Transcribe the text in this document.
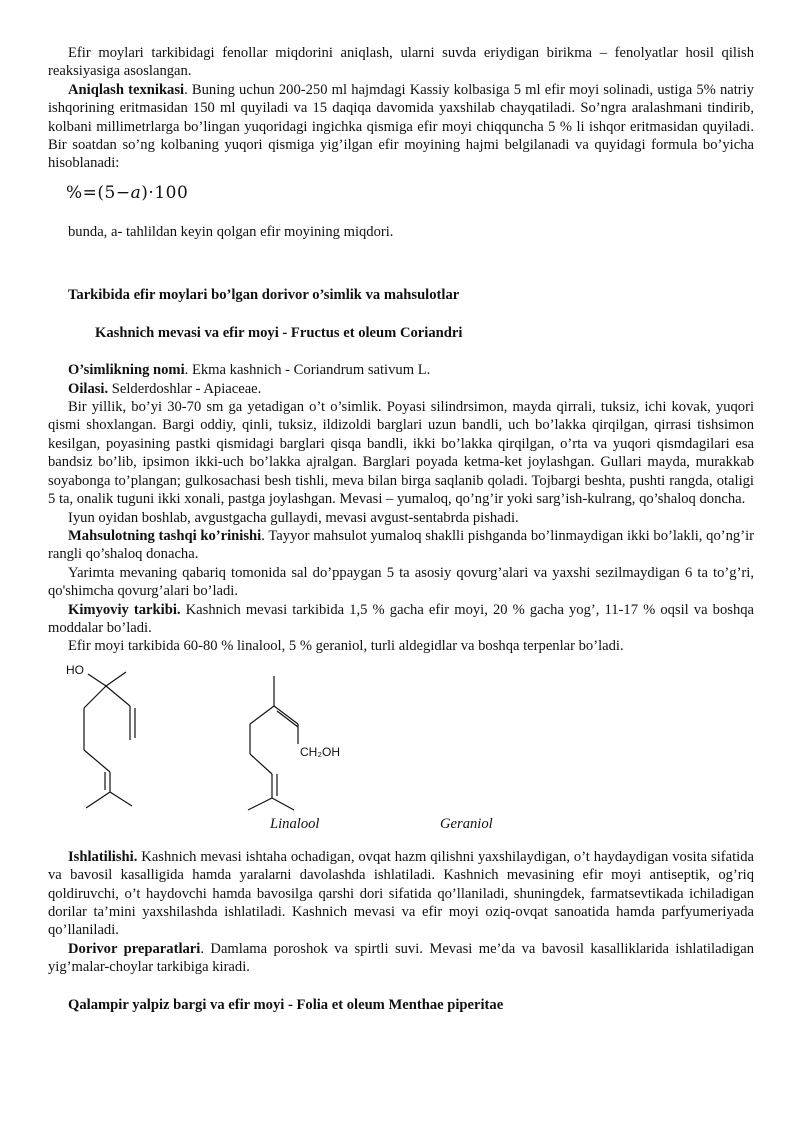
Efir moylari tarkibidagi fenollar miqdorini aniqlash, ularni suvda eriydigan birikma – fenolyatlar hosil qilish reaksiyasiga asoslangan.

Aniqlash texnikasi. Buning uchun 200-250 ml hajmdagi Kassiy kolbasiga 5 ml efir moyi solinadi, ustiga 5% natriy ishqorining eritmasidan 150 ml quyiladi va 15 daqiqa davomida yaxshilab chayqatiladi. So’ngra aralashmani tindirib, kolbani millimetrlarga bo’lingan yuqoridagi ingichka qismiga efir moyi chiqquncha 5 % li ishqor eritmasidan quyiladi. Bir soatdan so’ng kolbaning yuqori qismiga yig’ilgan efir moyining hajmi belgilanadi va quyidagi formula bo’yicha hisoblanadi:

%=(5−a)·100

bunda, a- tahlildan keyin qolgan efir moyining miqdori.

Tarkibida efir moylari bo’lgan dorivor o’simlik va mahsulotlar
Kashnich mevasi va efir moyi - Fructus et oleum Coriandri

O’simlikning nomi. Ekma kashnich - Coriandrum sativum L.

Oilasi. Selderdoshlar - Apiaceae.

Bir yillik, bo’yi 30-70 sm ga yetadigan o’t o’simlik. Poyasi silindrsimon, mayda qirrali, tuksiz, ichi kovak, yuqori qismi shoxlangan. Bargi oddiy, qinli, tuksiz, ildizoldi barglari uzun bandli, uch bo’lakka qirqilgan, qirrasi tishsimon kesilgan, poyasining pastki qismidagi barglari qisqa bandli, ikki bo’lakka qirqilgan, o’rta va yuqori qismdagilari esa bandsiz bo’lib, ipsimon ikki-uch bo’lakka ajralgan. Barglari poyada ketma-ket joylashgan. Gullari mayda, murakkab soyabonga to’plangan; gulkosachasi besh tishli, meva bilan birga saqlanib qoladi. Tojbargi beshta, pushti rangda, otaligi 5 ta, onalik tuguni ikki xonali, pastga joylashgan. Mevasi – yumaloq, qo’ng’ir yoki sarg’ish-kulrang, qo’shaloq doncha.

Iyun oyidan boshlab, avgustgacha gullaydi, mevasi avgust-sentabrda pishadi.

Mahsulotning tashqi ko’rinishi. Tayyor mahsulot yumaloq shaklli pishganda bo’linmaydigan ikki bo’lakli, qo’ng’ir rangli qo’shaloq donacha.

Yarimta mevaning qabariq tomonida sal do’ppaygan 5 ta asosiy qovurg’alari va yaxshi sezilmaydigan 6 ta to’g’ri, qo'shimcha qovurg’alari bo’ladi.

Kimyoviy tarkibi. Kashnich mevasi tarkibida 1,5 % gacha efir moyi, 20 % gacha yog’, 11-17 % oqsil va boshqa moddalar bo’ladi.

Efir moyi tarkibida 60-80 % linalool, 5 % geraniol, turli aldegidlar va boshqa terpenlar bo’ladi.

HO
CH₂OH
Linalool	Geraniol

Ishlatilishi. Kashnich mevasi ishtaha ochadigan, ovqat hazm qilishni yaxshilaydigan, o’t haydaydigan vosita sifatida va bavosil kasalligida hamda yaralarni davolashda ishlatiladi. Kashnich mevasining efir moyi antiseptik, og’riq qoldiruvchi, o’t haydovchi hamda bavosilga qarshi dori sifatida qo’llaniladi, shuningdek, farmatsevtikada ichiladigan dorilar ta’mini yaxshilashda ishlatiladi. Kashnich mevasi va efir moyi oziq-ovqat sanoatida hamda parfyumeriyada qo’llaniladi.

Dorivor preparatlari. Damlama poroshok va spirtli suvi. Mevasi me’da va bavosil kasalliklarida ishlatiladigan yig’malar-choylar tarkibiga kiradi.

Qalampir yalpiz bargi va efir moyi - Folia et oleum Menthae piperitae
